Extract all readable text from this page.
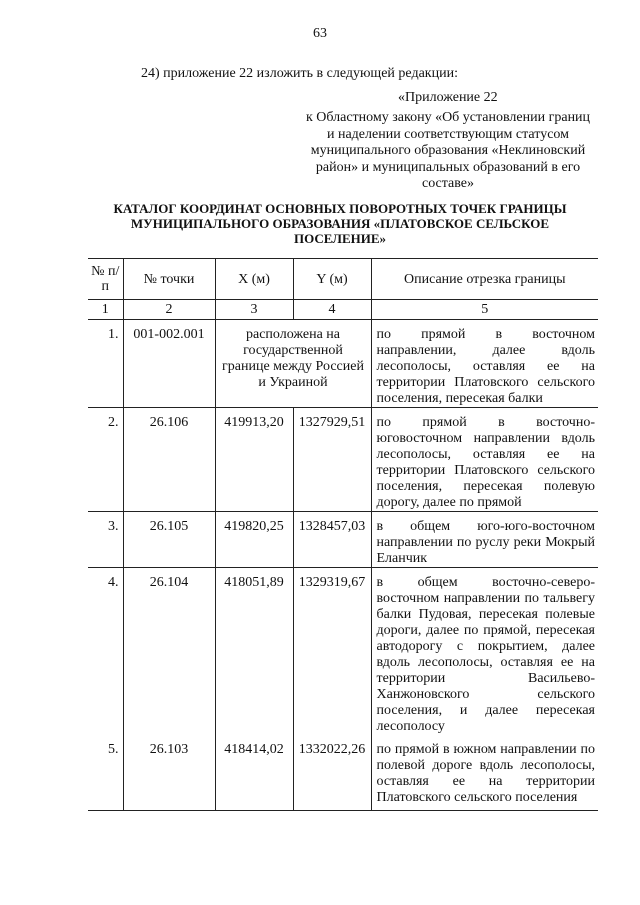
63
24) приложение 22 изложить в следующей редакции:
«Приложение 22
к Областному закону «Об установлении границ и наделении соответствующим статусом муниципального образования «Неклиновский район» и муниципальных образований в его составе»
КАТАЛОГ КООРДИНАТ ОСНОВНЫХ ПОВОРОТНЫХ ТОЧЕК ГРАНИЦЫ МУНИЦИПАЛЬНОГО ОБРАЗОВАНИЯ «ПЛАТОВСКОЕ СЕЛЬСКОЕ ПОСЕЛЕНИЕ»
№ п/п	№ точки	X (м)	Y (м)	Описание отрезка границы
1	2	3	4	5
1.	001-002.001	расположена на государственной границе между Россией и Украиной		по прямой в восточном направлении, далее вдоль лесополосы, оставляя ее на территории Платовского сельского поселения, пересекая балки
2.	26.106	419913,20	1327929,51	по прямой в восточно-юговосточном направлении вдоль лесополосы, оставляя ее на территории Платовского сельского поселения, пересекая полевую дорогу, далее по прямой
3.	26.105	419820,25	1328457,03	в общем юго-юго-восточном направлении по руслу реки Мокрый Еланчик
4.	26.104	418051,89	1329319,67	в общем восточно-северо-восточном направлении по тальвегу балки Пудовая, пересекая полевые дороги, далее по прямой, пересекая автодорогу с покрытием, далее вдоль лесополосы, оставляя ее на территории Васильево-Ханжоновского сельского поселения, и далее пересекая лесополосу
5.	26.103	418414,02	1332022,26	по прямой в южном направлении по полевой дороге вдоль лесополосы, оставляя ее на территории Платовского сельского поселения
